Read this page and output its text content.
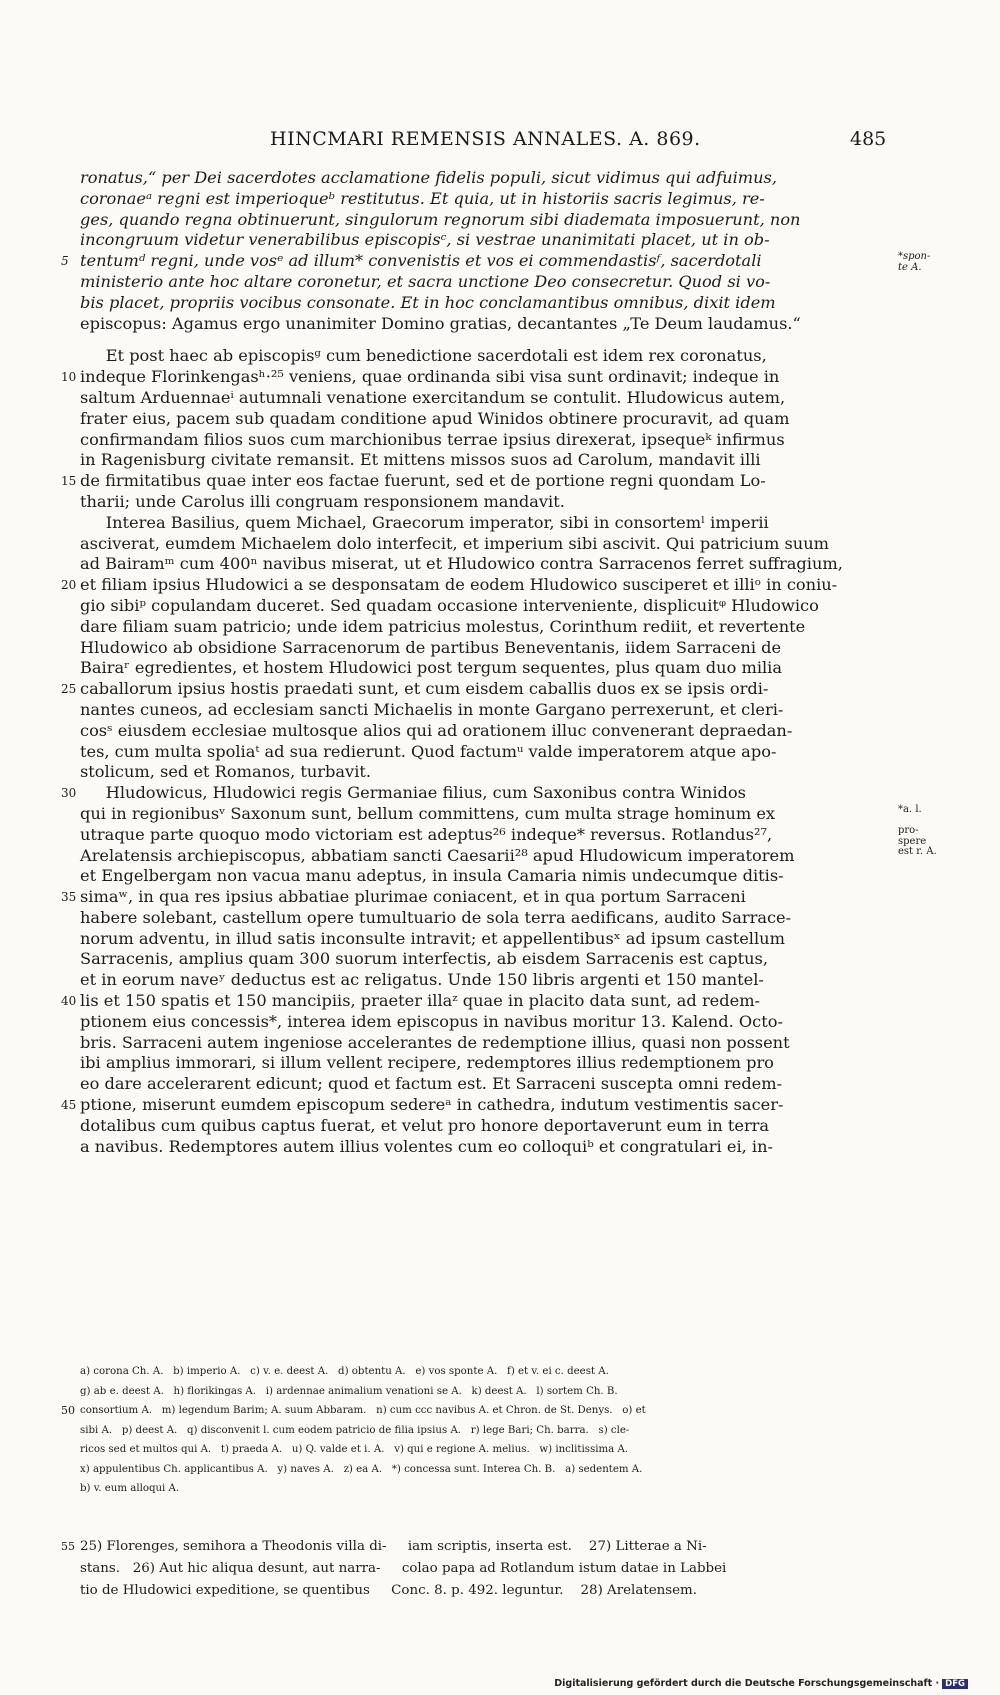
HINCMARI REMENSIS ANNALES. A. 869.	485
ronatus,“ per Dei sacerdotes acclamatione fidelis populi, sicut vidimus qui adfuimus,
coronaeᵃ regni est imperioqueᵇ restitutus. Et quia, ut in historiis sacris legimus, re-
ges, quando regna obtinuerunt, singulorum regnorum sibi diademata imposuerunt, non
incongruum videtur venerabilibus episcopisᶜ, si vestrae unanimitati placet, ut in ob-
5 tentumᵈ regni, unde vosᵉ ad illum* convenistis et vos ei commendastisᶠ, sacerdotali	*spon-te A.
ministerio ante hoc altare coronetur, et sacra unctione Deo consecretur. Quod si vo-
bis placet, propriis vocibus consonate. Et in hoc conclamantibus omnibus, dixit idem
episcopus: Agamus ergo unanimiter Domino gratias, decantantes „Te Deum laudamus.“
Et post haec ab episcopisᵍ cum benedictione sacerdotali est idem rex coronatus,
10 indeque Florinkengasʰ·²⁵ veniens, quae ordinanda sibi visa sunt ordinavit; indeque in
saltum Arduennaeⁱ autumnali venatione exercitandum se contulit. Hludowicus autem,
frater eius, pacem sub quadam conditione apud Winidos obtinere procuravit, ad quam
confirmandam filios suos cum marchionibus terrae ipsius direxerat, ipsequeᵏ infirmus
in Ragenisburg civitate remansit. Et mittens missos suos ad Carolum, mandavit illi
15 de firmitatibus quae inter eos factae fuerunt, sed et de portione regni quondam Lo-
tharii; unde Carolus illi congruam responsionem mandavit.
Interea Basilius, quem Michael, Graecorum imperator, sibi in consortemˡ imperii
asciverat, eumdem Michaelem dolo interfecit, et imperium sibi ascivit. Qui patricium suum
ad Bairamᵐ cum 400ⁿ navibus miserat, ut et Hludowico contra Sarracenos ferret suffragium,
20 et filiam ipsius Hludowici a se desponsatam de eodem Hludowico susciperet et illiᵒ in coniu-
gio sibiᵖ copulandam duceret. Sed quadam occasione interveniente, displicuitᵠ Hludowico
dare filiam suam patricio; unde idem patricius molestus, Corinthum rediit, et revertente
Hludowico ab obsidione Sarracenorum de partibus Beneventanis, iidem Sarraceni de
Bairaʳ egredientes, et hostem Hludowici post tergum sequentes, plus quam duo milia
25 caballorum ipsius hostis praedati sunt, et cum eisdem caballis duos ex se ipsis ordi-
nantes cuneos, ad ecclesiam sancti Michaelis in monte Gargano perrexerunt, et cleri-
cosˢ eiusdem ecclesiae multosque alios qui ad orationem illuc convenerant depraedan-
tes, cum multa spoliaᵗ ad sua redierunt. Quod factumᵘ valde imperatorem atque apo-
stolicum, sed et Romanos, turbavit.
30 Hludowicus, Hludowici regis Germaniae filius, cum Saxonibus contra Winidos
qui in regionibusᵛ Saxonum sunt, bellum committens, cum multa strage hominum ex	*a. l.
utraque parte quoquo modo victoriam est adeptus²⁶ indeque* reversus. Rotlandus²⁷,	pro-spere
Arelatensis archiepiscopus, abbatiam sancti Caesarii²⁸ apud Hludowicum imperatorem	est r. A.
et Engelbergam non vacua manu adeptus, in insula Camaria nimis undecumque ditis-
35 simaʷ, in qua res ipsius abbatiae plurimae coniacent, et in qua portum Sarraceni
habere solebant, castellum opere tumultuario de sola terra aedificans, audito Sarrace-
norum adventu, in illud satis inconsulte intravit; et appellentibusˣ ad ipsum castellum
Sarracenis, amplius quam 300 suorum interfectis, ab eisdem Sarracenis est captus,
et in eorum naveʸ deductus est ac religatus. Unde 150 libris argenti et 150 mantel-
40 lis et 150 spatis et 150 mancipiis, praeter illaᶻ quae in placito data sunt, ad redem-
ptionem eius concessis*, interea idem episcopus in navibus moritur 13. Kalend. Octo-
bris. Sarraceni autem ingeniose accelerantes de redemptione illius, quasi non possent
ibi amplius immorari, si illum vellent recipere, redemptores illius redemptionem pro
eo dare accelerarent edicunt; quod et factum est. Et Sarraceni suscepta omni redem-
45 ptione, miserunt eumdem episcopum sedereᵃ in cathedra, indutum vestimentis sacer-
dotalibus cum quibus captus fuerat, et velut pro honore deportaverunt eum in terra
a navibus. Redemptores autem illius volentes cum eo colloquiᵇ et congratulari ei, in-
a) corona Ch. A.   b) imperio A.   c) v. e. deest A.   d) obtentu A.   e) vos sponte A.   f) et v. ei c. deest A.
g) ab e. deest A.   h) florikingas A.   i) ardennae animalium venationi se A.   k) deest A.   l) sortem Ch. B.
50 consortium A.   m) legendum Barim; A. suum Abbaram.   n) cum ccc navibus A. et Chron. de St. Denys.   o) et
sibi A.   p) deest A.   q) disconvenit l. cum eodem patricio de filia ipsius A.   r) lege Bari; Ch. barra.   s) cle-
ricos sed et multos qui A.   t) praeda A.   u) Q. valde et i. A.   v) qui e regione A. melius.   w) inclitissima A.
x) appulentibus Ch. applicantibus A.   y) naves A.   z) ea A.   *) concessa sunt. Interea Ch. B.   a) sedentem A.
b) v. eum alloqui A.
55 25) Florenges, semihora a Theodonis villa di-     iam scriptis, inserta est.    27) Litterae a Ni-
stans.   26) Aut hic aliqua desunt, aut narra-     colao papa ad Rotlandum istum datae in Labbei
tio de Hludowici expeditione, se quentibus     Conc. 8. p. 492. leguntur.    28) Arelatensem.
Digitalisierung gefördert durch die Deutsche Forschungsgemeinschaft · DFG
